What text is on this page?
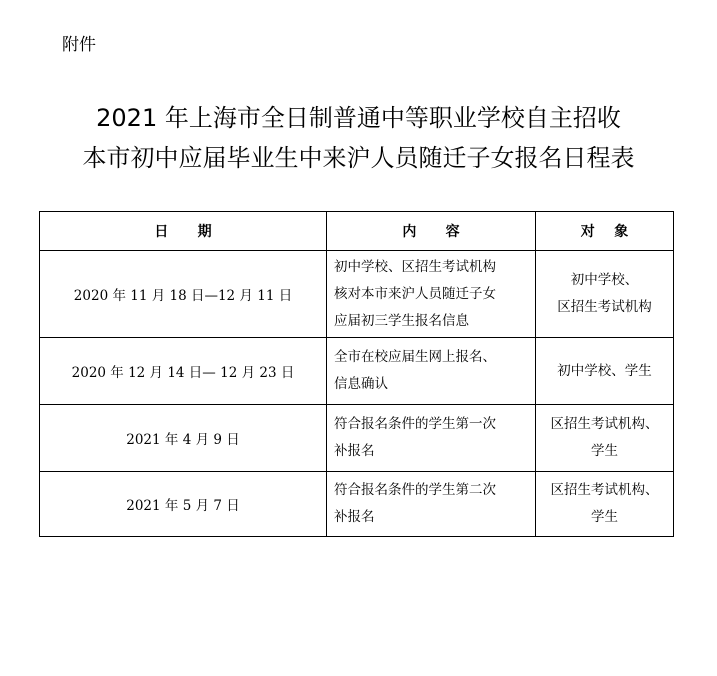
附件
2021 年上海市全日制普通中等职业学校自主招收
本市初中应届毕业生中来沪人员随迁子女报名日程表
日      期	内      容	对    象
2020 年 11 月 18 日—12 月 11 日	初中学校、区招生考试机构
核对本市来沪人员随迁子女
应届初三学生报名信息	初中学校、
区招生考试机构

2020 年 12 月 14 日— 12 月 23 日	全市在校应届生网上报名、
信息确认	初中学校、学生

2021 年 4 月 9 日	符合报名条件的学生第一次
补报名	区招生考试机构、
学生

2021 年 5 月 7 日	符合报名条件的学生第二次
补报名	区招生考试机构、
学生
